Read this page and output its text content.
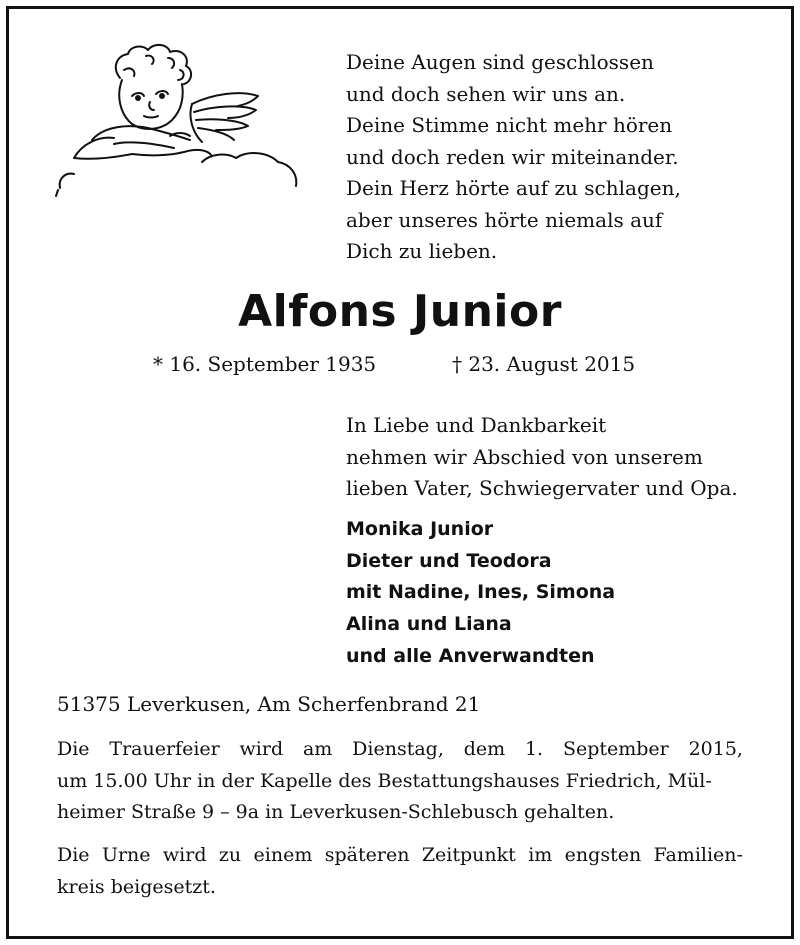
Deine Augen sind geschlossen
und doch sehen wir uns an.
Deine Stimme nicht mehr hören
und doch reden wir miteinander.
Dein Herz hörte auf zu schlagen,
aber unseres hörte niemals auf
Dich zu lieben.
Alfons Junior
* 16. September 1935	† 23. August 2015
In Liebe und Dankbarkeit
nehmen wir Abschied von unserem
lieben Vater, Schwiegervater und Opa.
Monika Junior
Dieter und Teodora
mit Nadine, Ines, Simona
Alina und Liana
und alle Anverwandten
51375 Leverkusen, Am Scherfenbrand 21
Die Trauerfeier wird am Dienstag, dem 1. September 2015,
um 15.00 Uhr in der Kapelle des Bestattungshauses Friedrich, Mül-
heimer Straße 9 – 9a in Leverkusen-Schlebusch gehalten.
Die Urne wird zu einem späteren Zeitpunkt im engsten Familien-
kreis beigesetzt.
